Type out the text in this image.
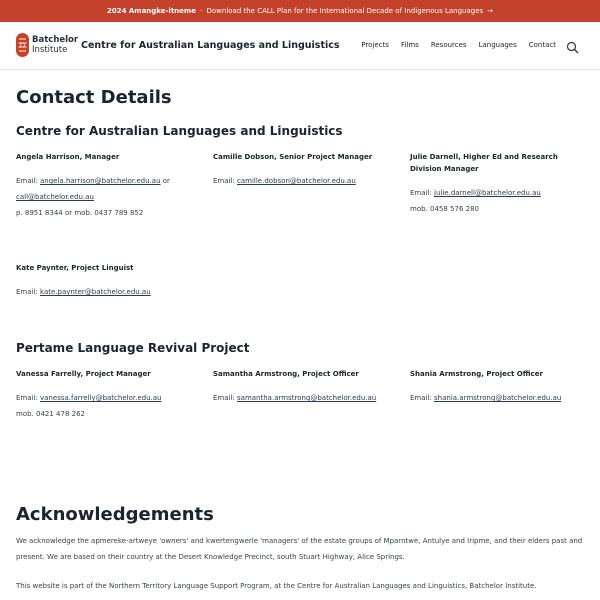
2024 Amangke-itneme - Download the CALL Plan for the International Decade of Indigenous Languages →
Batchelor
Institute	Centre for Australian Languages and Linguistics	Projects Films Resources Languages Contact
Contact Details
Centre for Australian Languages and Linguistics
Angela Harrison, Manager
Email: angela.harrison@batchelor.edu.au or
call@batchelor.edu.au
p. 8951 8344 or mob. 0437 789 852
Camille Dobson, Senior Project Manager
Email: camille.dobson@batchelor.edu.au
Julie Darnell, Higher Ed and Research Division Manager
Email: julie.darnell@batchelor.edu.au
mob. 0458 576 280
Kate Paynter, Project Linguist
Email: kate.paynter@batchelor.edu.au
Pertame Language Revival Project
Vanessa Farrelly, Project Manager
Email: vanessa.farrelly@batchelor.edu.au
mob. 0421 478 262
Samantha Armstrong, Project Officer
Email: samantha.armstrong@batchelor.edu.au
Shania Armstrong, Project Officer
Email: shania.armstrong@batchelor.edu.au
Acknowledgements

We acknowledge the apmereke-artweye 'owners' and kwertengwerle 'managers' of the estate groups of Mparntwe, Antulye and Iripme, and their elders past and present. We are based on their country at the Desert Knowledge Precinct, south Stuart Highway, Alice Springs.

This website is part of the Northern Territory Language Support Program, at the Centre for Australian Languages and Linguistics, Batchelor Institute.
